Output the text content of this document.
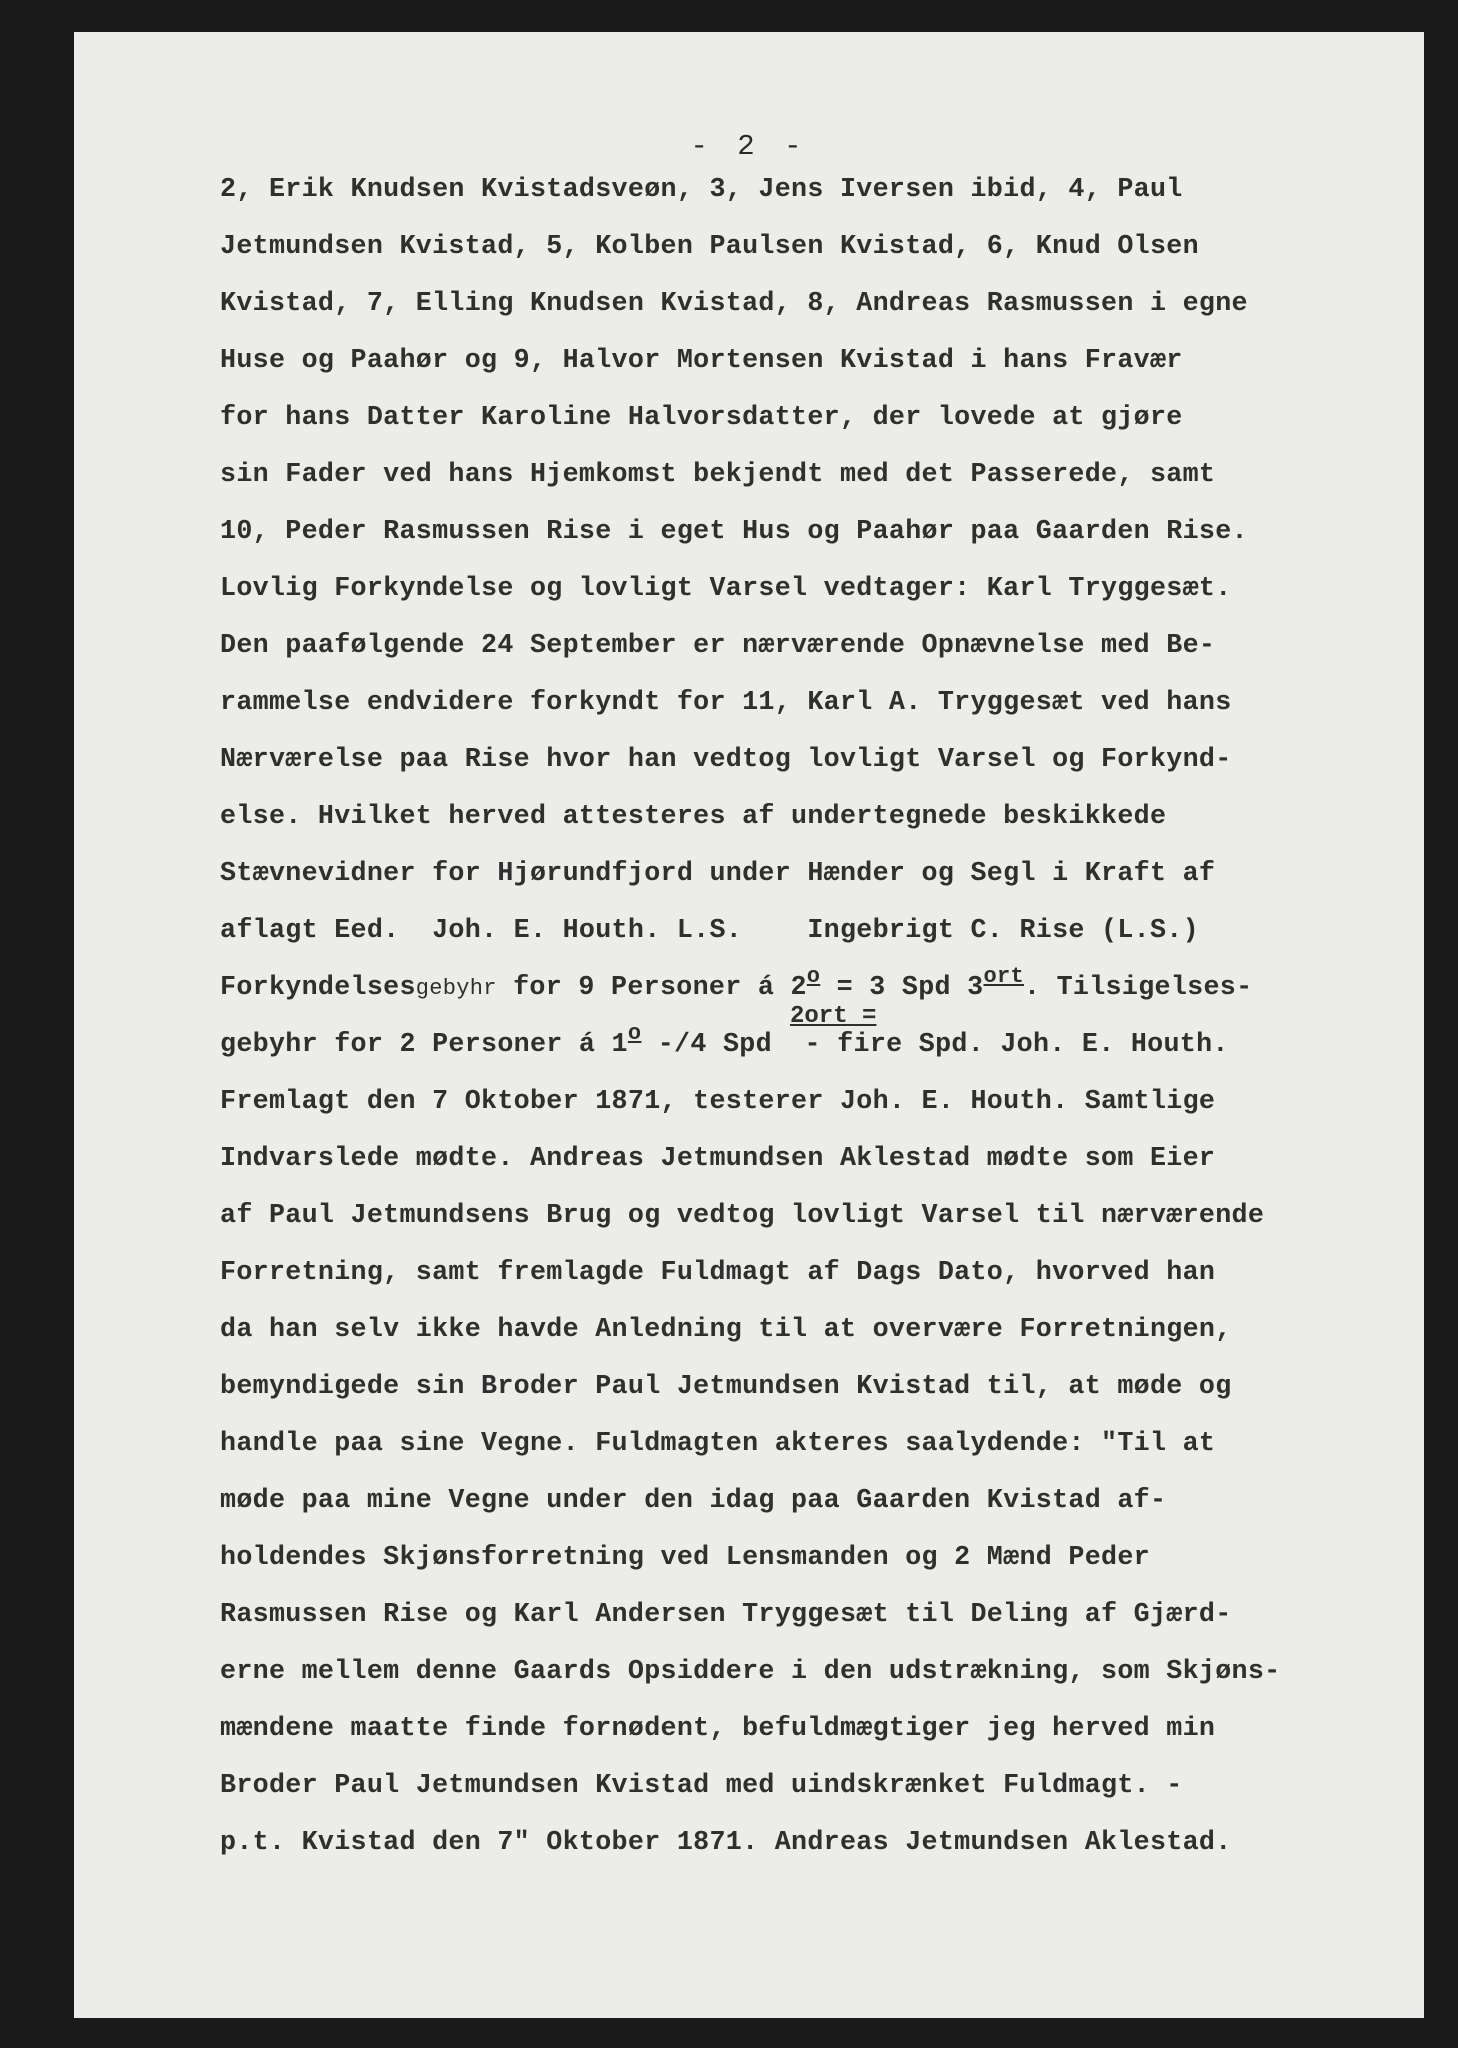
- 2 -
2, Erik Knudsen Kvistadsveøn, 3, Jens Iversen ibid, 4, Paul
Jetmundsen Kvistad, 5, Kolben Paulsen Kvistad, 6, Knud Olsen
Kvistad, 7, Elling Knudsen Kvistad, 8, Andreas Rasmussen i egne
Huse og Paahør og 9, Halvor Mortensen Kvistad i hans Fravær
for hans Datter Karoline Halvorsdatter, der lovede at gjøre
sin Fader ved hans Hjemkomst bekjendt med det Passerede, samt
10, Peder Rasmussen Rise i eget Hus og Paahør paa Gaarden Rise.
Lovlig Forkyndelse og lovligt Varsel vedtager: Karl Tryggesæt.
Den paafølgende 24 September er nærværende Opnævnelse med Be-
rammelse endvidere forkyndt for 11, Karl A. Tryggesæt ved hans
Nærværelse paa Rise hvor han vedtog lovligt Varsel og Forkynd-
else. Hvilket herved attesteres af undertegnede beskikkede
Stævnevidner for Hjørundfjord under Hænder og Segl i Kraft af
aflagt Eed.  Joh. E. Houth. L.S.    Ingebrigt C. Rise (L.S.)
Forkyndelsesgebyhr for 9 Personer á $2^o = 3$ Spd $3^{ort}$. Tilsigelses-
2ort =
gebyhr for 2 Personer á 1$^o$ -/4 Spd  - fire Spd. Joh. E. Houth.
Fremlagt den 7 Oktober 1871, testerer Joh. E. Houth. Samtlige
Indvarslede mødte. Andreas Jetmundsen Aklestad mødte som Eier
af Paul Jetmundsens Brug og vedtog lovligt Varsel til nærværende
Forretning, samt fremlagde Fuldmagt af Dags Dato, hvorved han
da han selv ikke havde Anledning til at overvære Forretningen,
bemyndigede sin Broder Paul Jetmundsen Kvistad til, at møde og
handle paa sine Vegne. Fuldmagten akteres saalydende: "Til at
møde paa mine Vegne under den idag paa Gaarden Kvistad af-
holdendes Skjønsforretning ved Lensmanden og 2 Mænd Peder
Rasmussen Rise og Karl Andersen Tryggesæt til Deling af Gjærd-
erne mellem denne Gaards Opsiddere i den udstrækning, som Skjøns-
mændene maatte finde fornødent, befuldmægtiger jeg herved min
Broder Paul Jetmundsen Kvistad med uindskrænket Fuldmagt. -
p.t. Kvistad den 7" Oktober 1871. Andreas Jetmundsen Aklestad.
